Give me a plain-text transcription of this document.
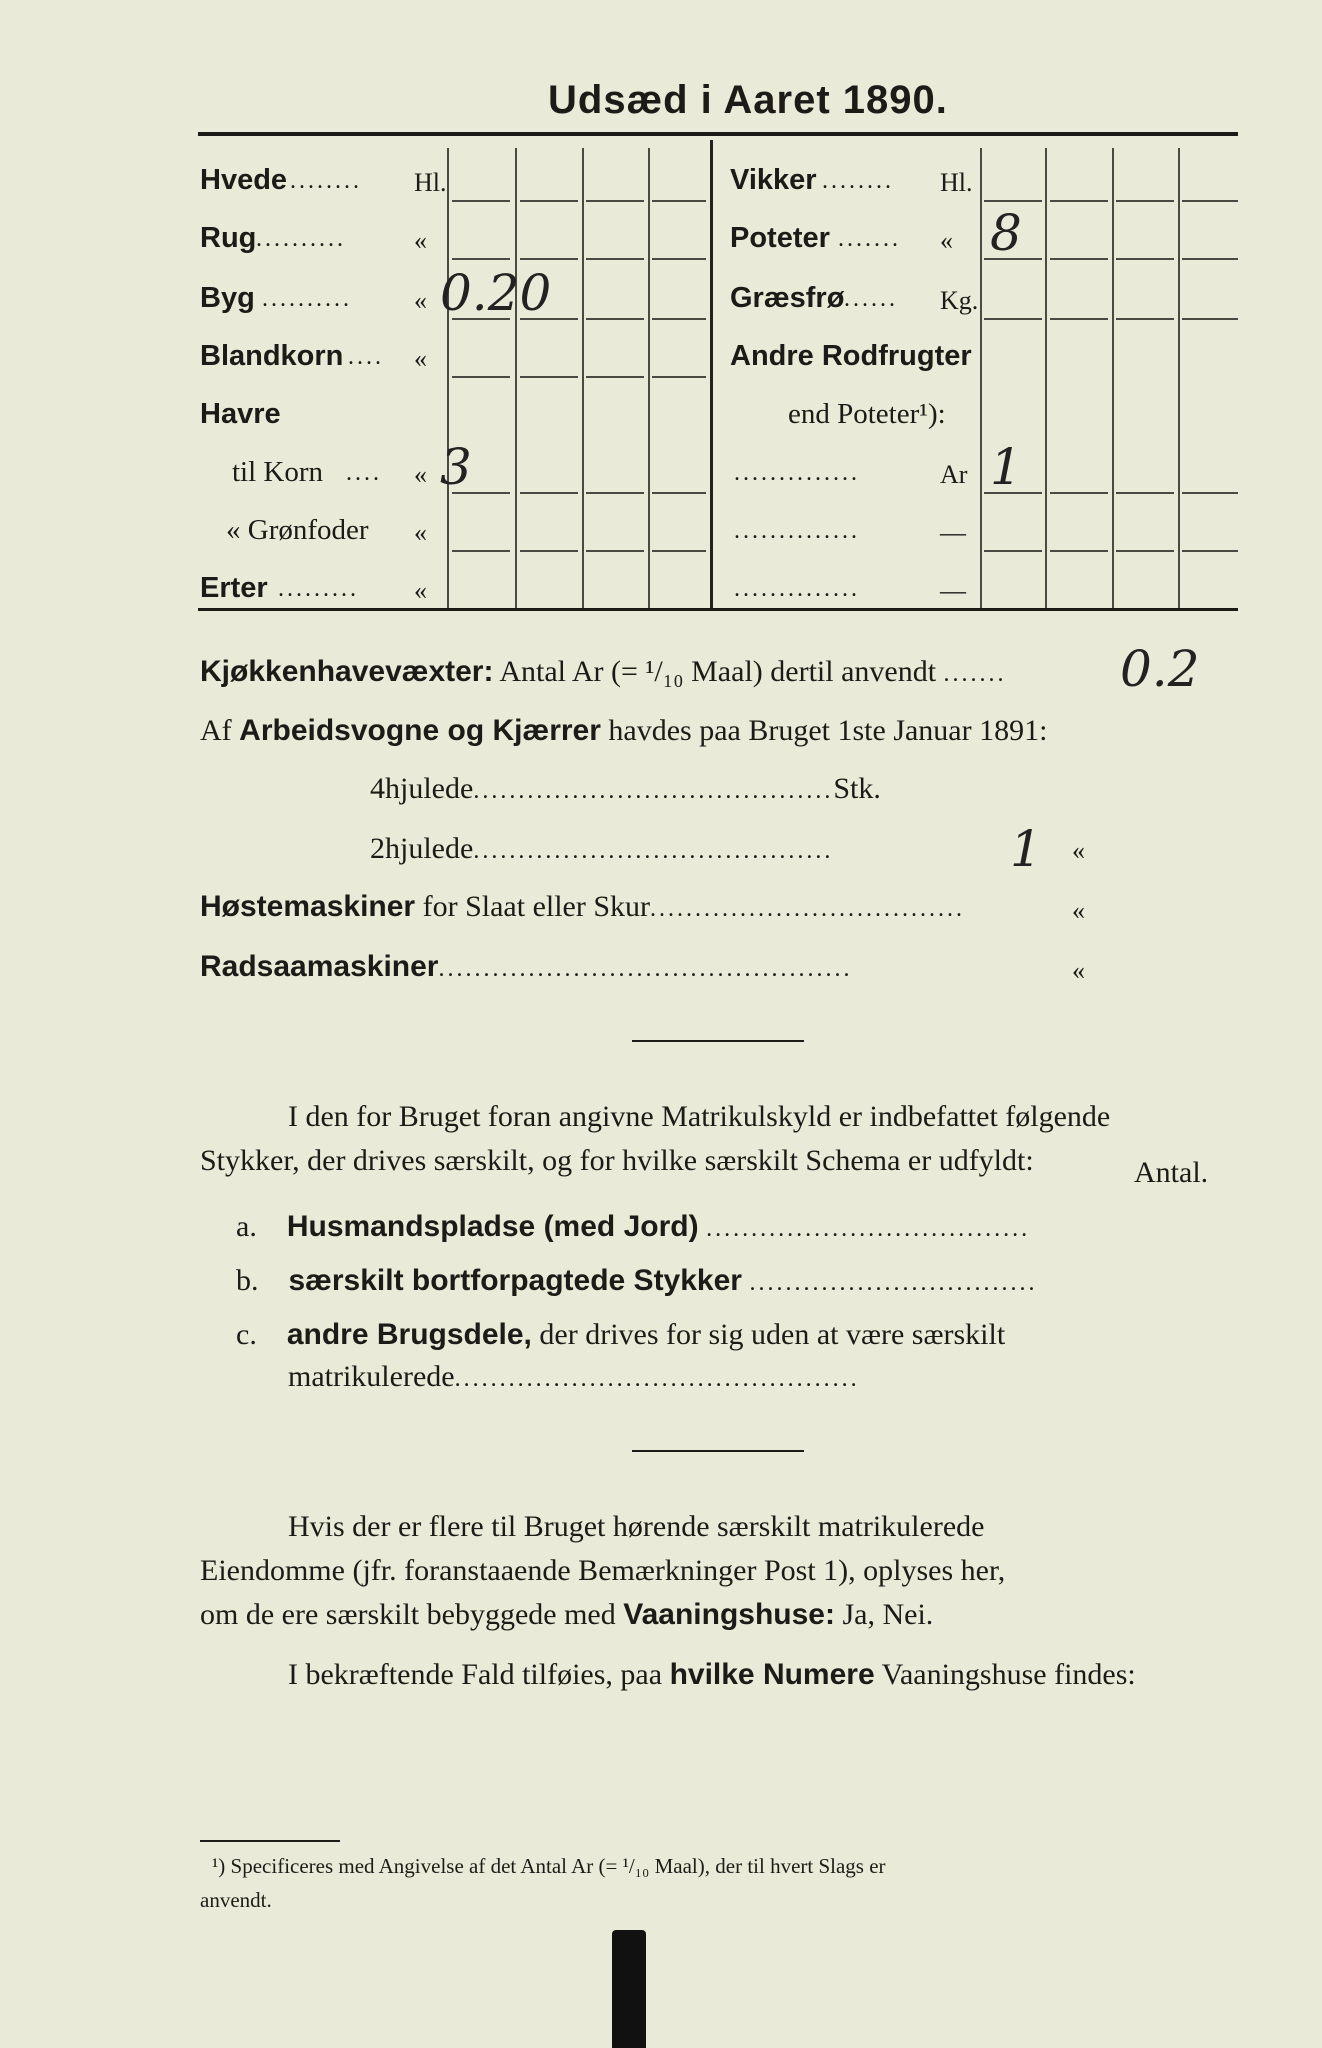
Udsæd i Aaret 1890.
Hvede ........ Hl.
Rug ..........	«
Byg .......... « 0.20
Blandkorn .... «
Havre
til Korn .... « 3
« Grønfoder «
Erter ......... «
Vikker ........ Hl.
Poteter ....... « 8
Græsfrø ...... Kg.
Andre Rodfrugter
end Poteter¹):
..............	Ar 1
..............	—
..............	—
Kjøkkenhavevæxter: Antal Ar (= ¹/₁₀ Maal) dertil anvendt ....... 0.2
Af Arbeidsvogne og Kjærrer havdes paa Bruget 1ste Januar 1891:
4hjulede........................................Stk.
2hjulede........................................	1 «
Høstemaskiner for Slaat eller Skur...................................	«
Radsaamaskiner..............................................	«
I den for Bruget foran angivne Matrikulskyld er indbefattet følgende
Stykker, der drives særskilt, og for hvilke særskilt Schema er udfyldt:	Antal.
a. Husmandspladse (med Jord) ....................................
b. særskilt bortforpagtede Stykker ................................
c. andre Brugsdele, der drives for sig uden at være særskilt
matrikulerede.............................................
Hvis der er flere til Bruget hørende særskilt matrikulerede
Eiendomme (jfr. foranstaaende Bemærkninger Post 1), oplyses her,
om de ere særskilt bebyggede med Vaaningshuse: Ja, Nei.
I bekræftende Fald tilføies, paa hvilke Numere Vaaningshuse findes:
¹) Specificeres med Angivelse af det Antal Ar (= ¹/₁₀ Maal), der til hvert Slags er
anvendt.
